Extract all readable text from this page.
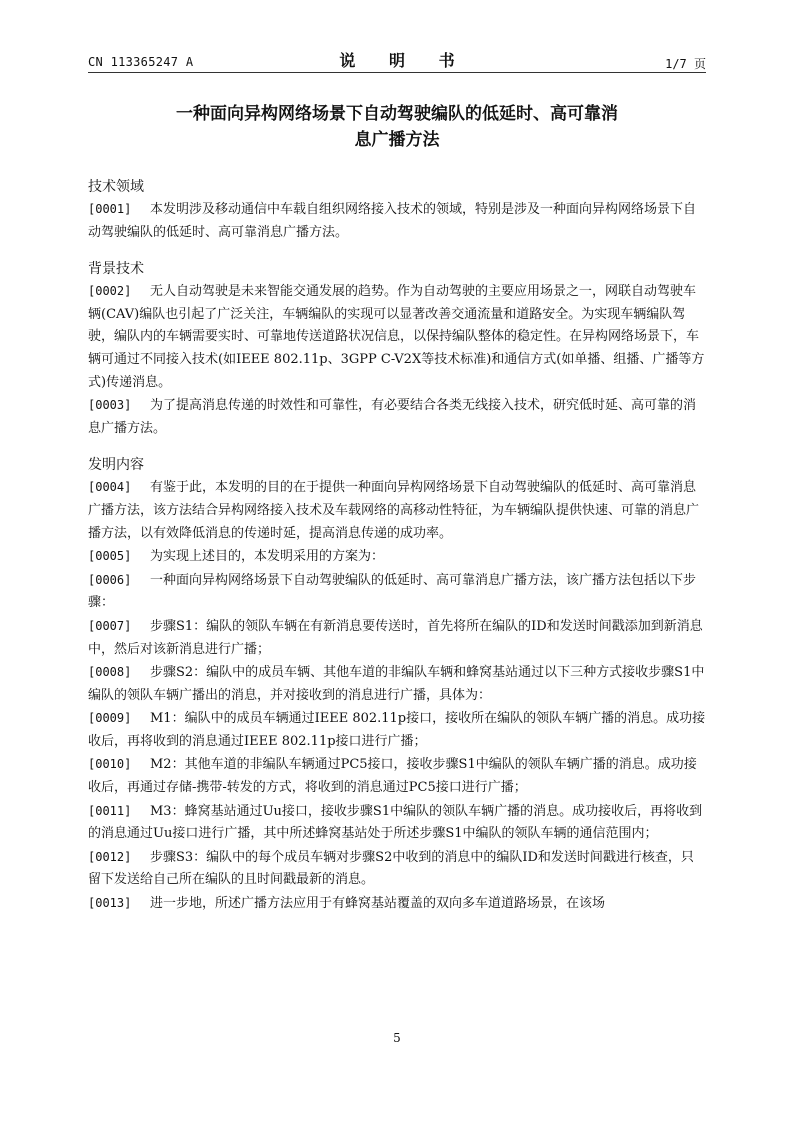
CN 113365247 A	说 明 书	1/7 页
一种面向异构网络场景下自动驾驶编队的低延时、高可靠消
息广播方法
技术领域
[0001] 本发明涉及移动通信中车载自组织网络接入技术的领域，特别是涉及一种面向异构网络场景下自动驾驶编队的低延时、高可靠消息广播方法。
背景技术
[0002] 无人自动驾驶是未来智能交通发展的趋势。作为自动驾驶的主要应用场景之一，网联自动驾驶车辆(CAV)编队也引起了广泛关注，车辆编队的实现可以显著改善交通流量和道路安全。为实现车辆编队驾驶，编队内的车辆需要实时、可靠地传送道路状况信息，以保持编队整体的稳定性。在异构网络场景下，车辆可通过不同接入技术(如IEEE 802.11p、3GPP C-V2X等技术标准)和通信方式(如单播、组播、广播等方式)传递消息。
[0003] 为了提高消息传递的时效性和可靠性，有必要结合各类无线接入技术，研究低时延、高可靠的消息广播方法。
发明内容
[0004] 有鉴于此，本发明的目的在于提供一种面向异构网络场景下自动驾驶编队的低延时、高可靠消息广播方法，该方法结合异构网络接入技术及车载网络的高移动性特征，为车辆编队提供快速、可靠的消息广播方法，以有效降低消息的传递时延，提高消息传递的成功率。
[0005] 为实现上述目的，本发明采用的方案为：
[0006] 一种面向异构网络场景下自动驾驶编队的低延时、高可靠消息广播方法，该广播方法包括以下步骤：
[0007] 步骤S1：编队的领队车辆在有新消息要传送时，首先将所在编队的ID和发送时间戳添加到新消息中，然后对该新消息进行广播；
[0008] 步骤S2：编队中的成员车辆、其他车道的非编队车辆和蜂窝基站通过以下三种方式接收步骤S1中编队的领队车辆广播出的消息，并对接收到的消息进行广播，具体为：
[0009] M1：编队中的成员车辆通过IEEE 802.11p接口，接收所在编队的领队车辆广播的消息。成功接收后，再将收到的消息通过IEEE 802.11p接口进行广播；
[0010] M2：其他车道的非编队车辆通过PC5接口，接收步骤S1中编队的领队车辆广播的消息。成功接收后，再通过存储-携带-转发的方式，将收到的消息通过PC5接口进行广播；
[0011] M3：蜂窝基站通过Uu接口，接收步骤S1中编队的领队车辆广播的消息。成功接收后，再将收到的消息通过Uu接口进行广播，其中所述蜂窝基站处于所述步骤S1中编队的领队车辆的通信范围内；
[0012] 步骤S3：编队中的每个成员车辆对步骤S2中收到的消息中的编队ID和发送时间戳进行核查，只留下发送给自己所在编队的且时间戳最新的消息。
[0013] 进一步地，所述广播方法应用于有蜂窝基站覆盖的双向多车道道路场景，在该场
5
